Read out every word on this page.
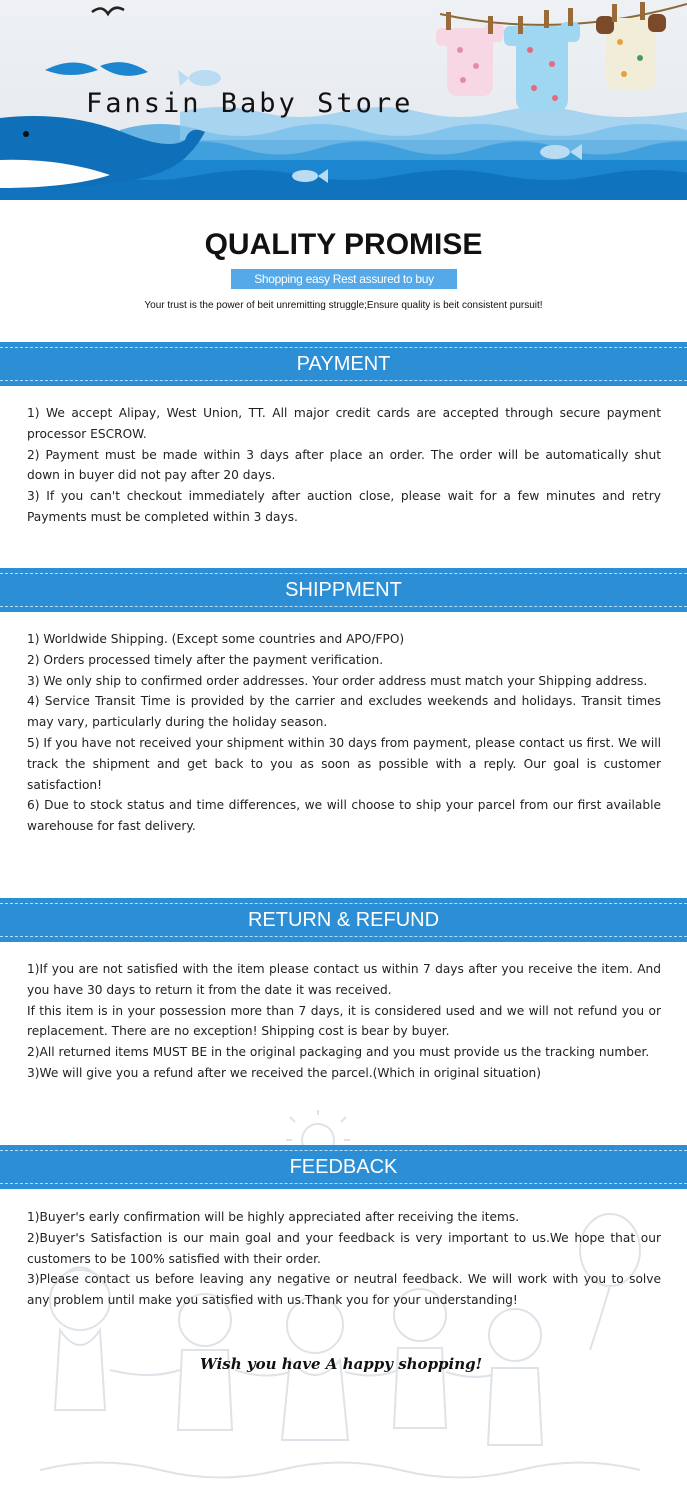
Fansin Baby Store
QUALITY PROMISE
Shopping easy Rest assured to buy
Your trust is the power of beit unremitting struggle;Ensure quality is beit consistent pursuit!
PAYMENT

1) We accept Alipay, West Union, TT. All major credit cards are accepted through secure payment processor ESCROW.

2) Payment must be made within 3 days after place an order. The order will be automatically shut down in buyer did not pay after 20 days.

3) If you can't checkout immediately after auction close, please wait for a few minutes and retry Payments must be completed within 3 days.

SHIPPMENT

1) Worldwide Shipping. (Except some countries and APO/FPO)

2) Orders processed timely after the payment verification.

3) We only ship to confirmed order addresses. Your order address must match your Shipping address.

4) Service Transit Time is provided by the carrier and excludes weekends and holidays. Transit times may vary, particularly during the holiday season.

5) If you have not received your shipment within 30 days from payment, please contact us first. We will track the shipment and get back to you as soon as possible with a reply. Our goal is customer satisfaction!

6) Due to stock status and time differences, we will choose to ship your parcel from our first available warehouse for fast delivery.

RETURN & REFUND

1)If you are not satisfied with the item please contact us within 7 days after you receive the item. And you have 30 days to return it from the date it was received.

If this item is in your possession more than 7 days, it is considered used and we will not refund you or replacement. There are no exception! Shipping cost is bear by buyer.

2)All returned items MUST BE in the original packaging and you must provide us the tracking number.

3)We will give you a refund after we received the parcel.(Which in original situation)

FEEDBACK

1)Buyer's early confirmation will be highly appreciated after receiving the items.

2)Buyer's Satisfaction is our main goal and your feedback is very important to us.We hope that our customers to be 100% satisfied with their order.

3)Please contact us before leaving any negative or neutral feedback. We will work with you to solve any problem until make you satisfied with us.Thank you for your understanding!

Wish you have A happy shopping!
